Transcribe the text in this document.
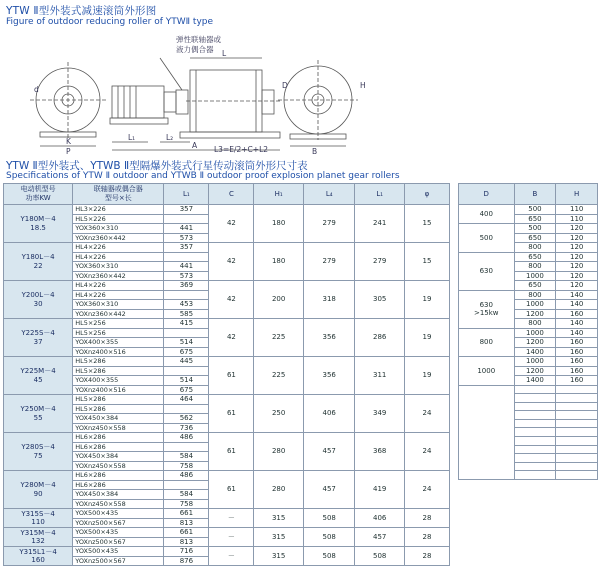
YTW Ⅱ型外装式减速滚筒外形图
Figure of outdoor reducing roller of YTWⅡ type
弹性联轴器或
液力偶合器 L
A
L₁	L₂
P
K
d
B
H
D
L3=E/2+C+L2
YTW Ⅱ型外装式、YTWB Ⅱ型隔爆外装式行星传动滚筒外形尺寸表
Specifications of YTW Ⅱ outdoor and YTWB Ⅱ outdoor proof explosion planet gear rollers
电动机型号
功率KW	联轴器或偶合器
型号×长	L₁	C	H₁	L₄	L₁	φ

Y180M－4
18.5	HL3×226	357	42	180	279	241	15
	HL5×226						
	YOX360×310	441					
	YOXnz360×442	573					

Y180L－4
22	HL4×226	357	42	180	279	279	15
	HL4×226						
	YOX360×310	441					
	YOXnz360×442	573					

Y200L－4
30	HL4×226	369	42	200	318	305	19
	HL4×226						
	YOX360×310	453					
	YOXnz360×442	585					

Y225S－4
37	HL5×256	415	42	225	356	286	19
	HL5×256						
	YOX400×355	514					
	YOXnz400×516	675					

Y225M－4
45	HL5×286	445	61	225	356	311	19
	HL5×286						
	YOX400×355	514					
	YOXnz400×516	675					

Y250M－4
55	HL5×286	464	61	250	406	349	24
	HL5×286						
	YOX450×384	562					
	YOXnz450×558	736					

Y280S－4
75	HL6×286	486	61	280	457	368	24
	HL6×286						
	YOX450×384	584					
	YOXnz450×558	758					

Y280M－4
90	HL6×286	486	61	280	457	419	24
	HL6×286						
	YOX450×384	584					
	YOXnz450×558	758					

Y315S－4
110	YOX500×435	661	－	315	508	406	28
	YOXnz500×567	813					

Y315M－4
132	YOX500×435	661	－	315	508	457	28
	YOXnz500×567	813					

Y315L1－4
160	YOX500×435	716	－	315	508	508	28
	YOXnz500×567	876					
D	B	H
400	500	110
	650	110
500	500	120
	650	120
	800	120
630	650	120
	800	120
	1000	120
	650	120
630
>15kw	800	140
	1000	140
	1200	160
	800	140
800	1000	140
	1200	160
	1400	160
1000	1000	160
	1200	160
	1400	160
